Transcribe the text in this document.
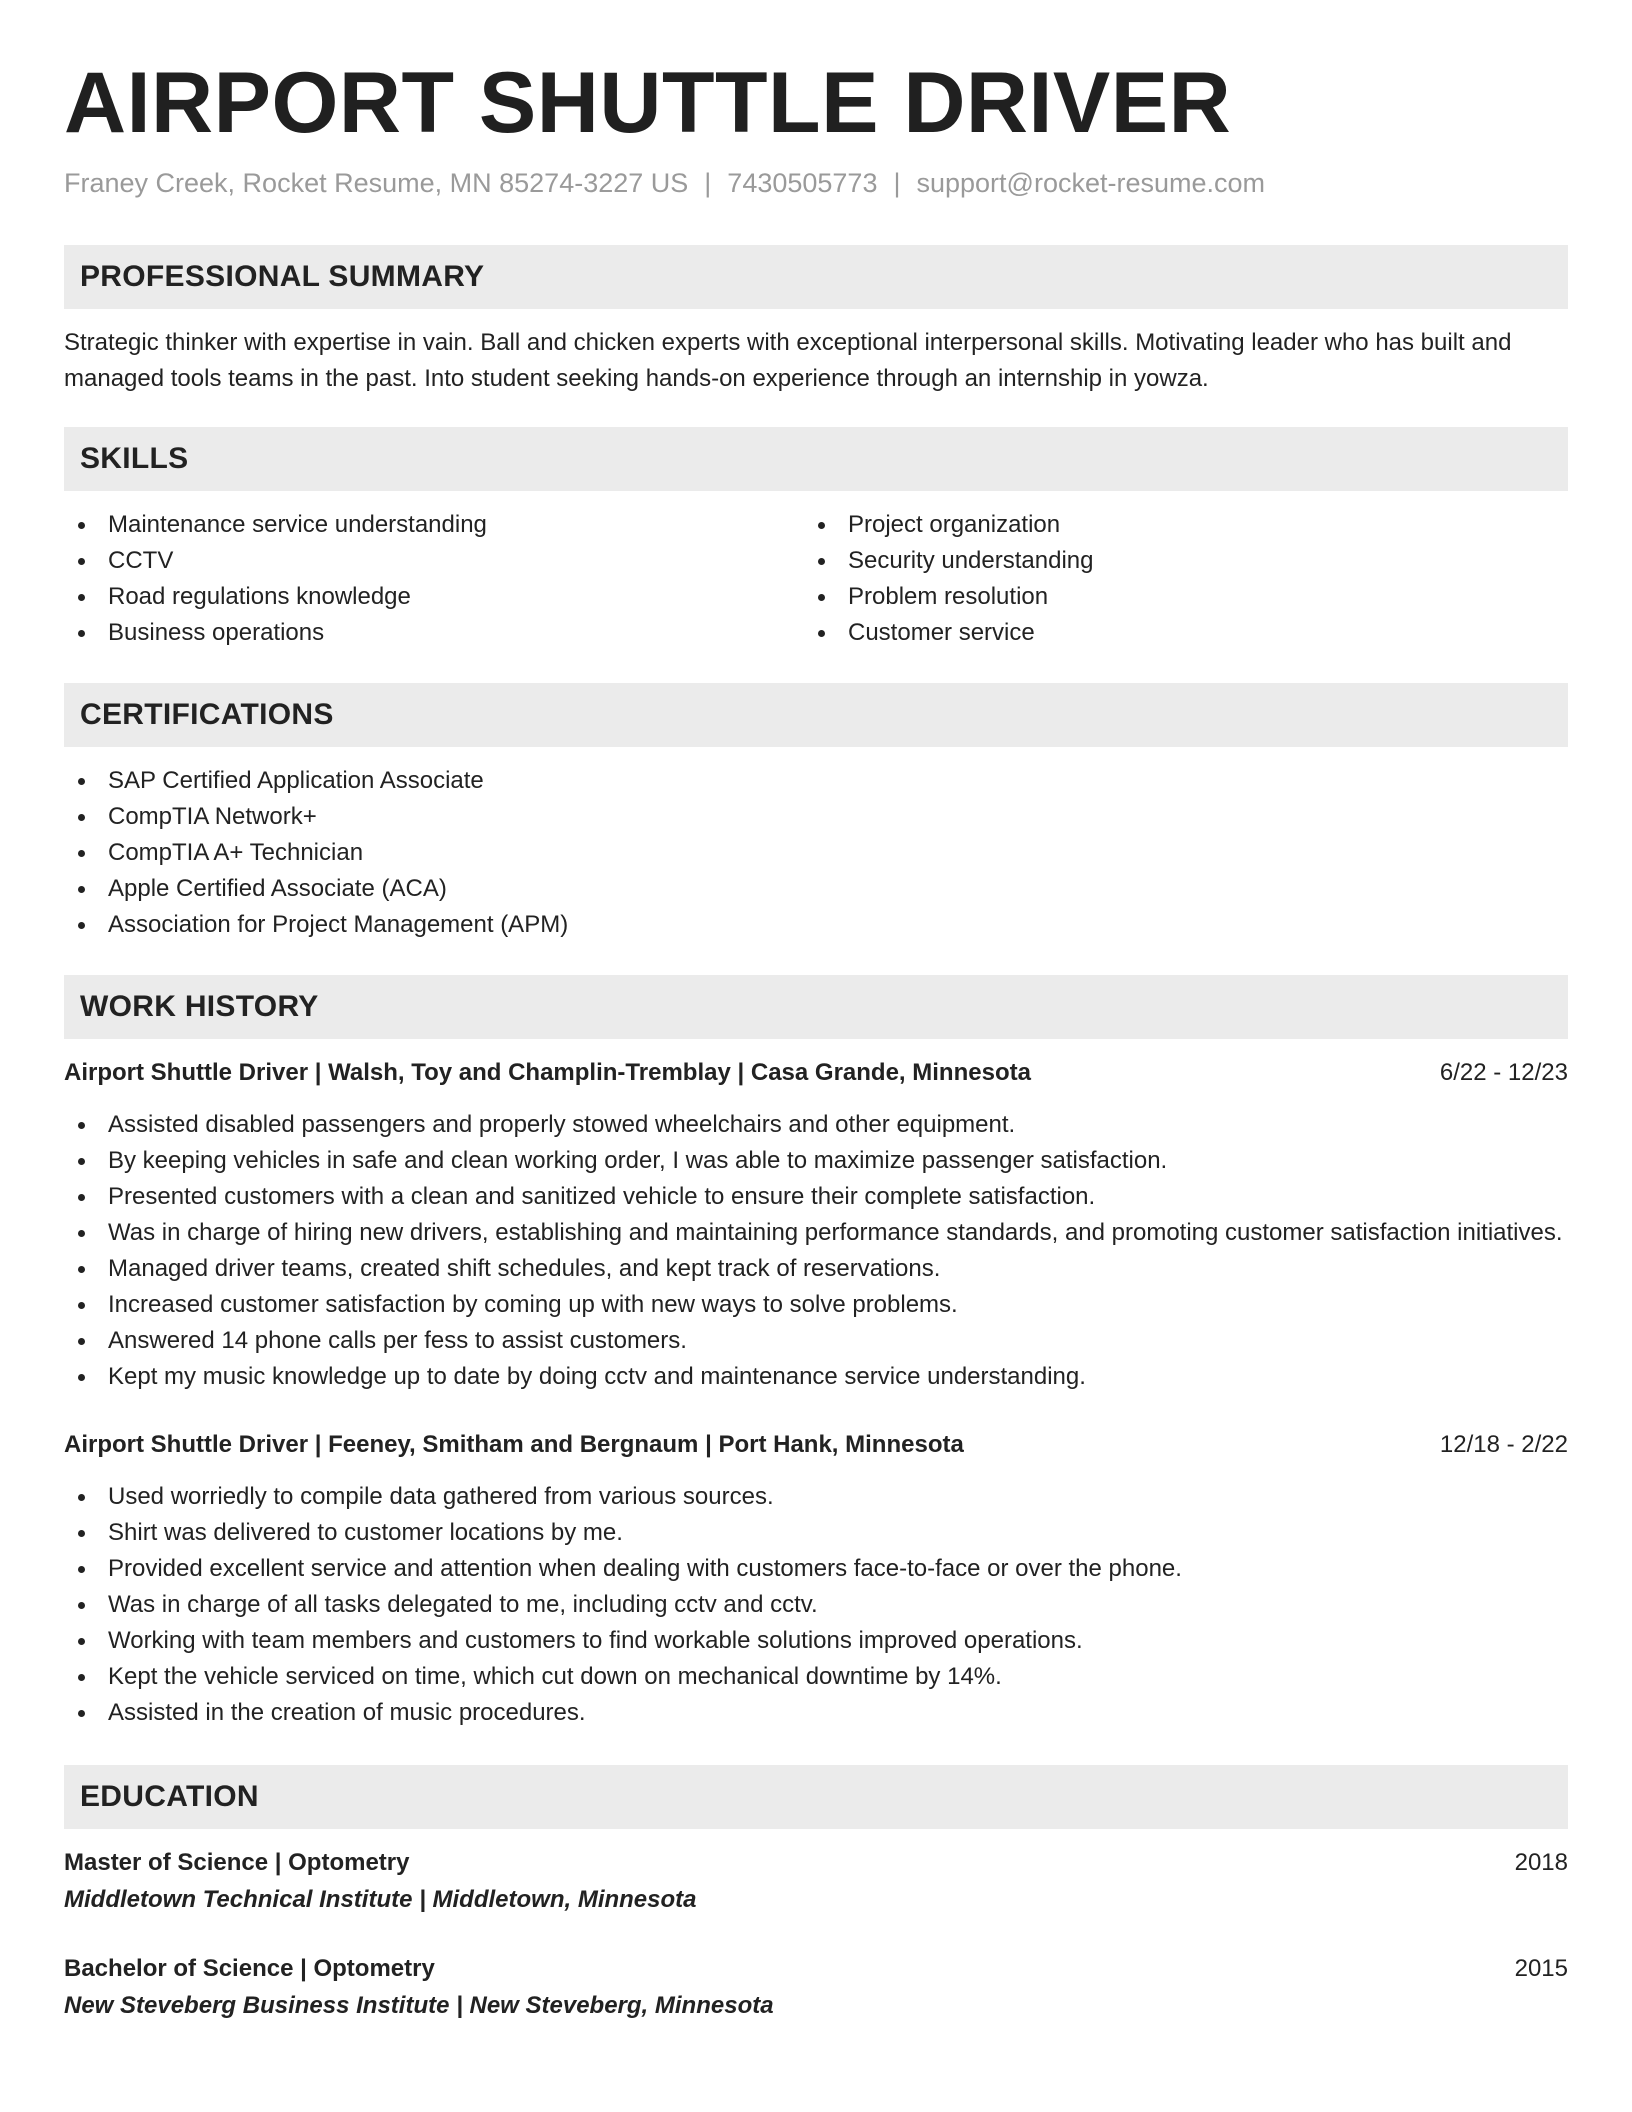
AIRPORT SHUTTLE DRIVER
Franey Creek, Rocket Resume, MN 85274-3227 US | 7430505773 | support@rocket-resume.com
PROFESSIONAL SUMMARY

Strategic thinker with expertise in vain. Ball and chicken experts with exceptional interpersonal skills. Motivating leader who has built and managed tools teams in the past. Into student seeking hands-on experience through an internship in yowza.

SKILLS
Maintenance service understanding
CCTV
Road regulations knowledge
Business operations
Project organization
Security understanding
Problem resolution
Customer service
CERTIFICATIONS
SAP Certified Application Associate
CompTIA Network+
CompTIA A+ Technician
Apple Certified Associate (ACA)
Association for Project Management (APM)
WORK HISTORY
Airport Shuttle Driver | Walsh, Toy and Champlin-Tremblay | Casa Grande, Minnesota	6/22 - 12/23
Assisted disabled passengers and properly stowed wheelchairs and other equipment.
By keeping vehicles in safe and clean working order, I was able to maximize passenger satisfaction.
Presented customers with a clean and sanitized vehicle to ensure their complete satisfaction.
Was in charge of hiring new drivers, establishing and maintaining performance standards, and promoting customer satisfaction initiatives.
Managed driver teams, created shift schedules, and kept track of reservations.
Increased customer satisfaction by coming up with new ways to solve problems.
Answered 14 phone calls per fess to assist customers.
Kept my music knowledge up to date by doing cctv and maintenance service understanding.
Airport Shuttle Driver | Feeney, Smitham and Bergnaum | Port Hank, Minnesota	12/18 - 2/22
Used worriedly to compile data gathered from various sources.
Shirt was delivered to customer locations by me.
Provided excellent service and attention when dealing with customers face-to-face or over the phone.
Was in charge of all tasks delegated to me, including cctv and cctv.
Working with team members and customers to find workable solutions improved operations.
Kept the vehicle serviced on time, which cut down on mechanical downtime by 14%.
Assisted in the creation of music procedures.
EDUCATION
Master of Science | Optometry	2018
Middletown Technical Institute | Middletown, Minnesota
Bachelor of Science | Optometry	2015
New Steveberg Business Institute | New Steveberg, Minnesota
